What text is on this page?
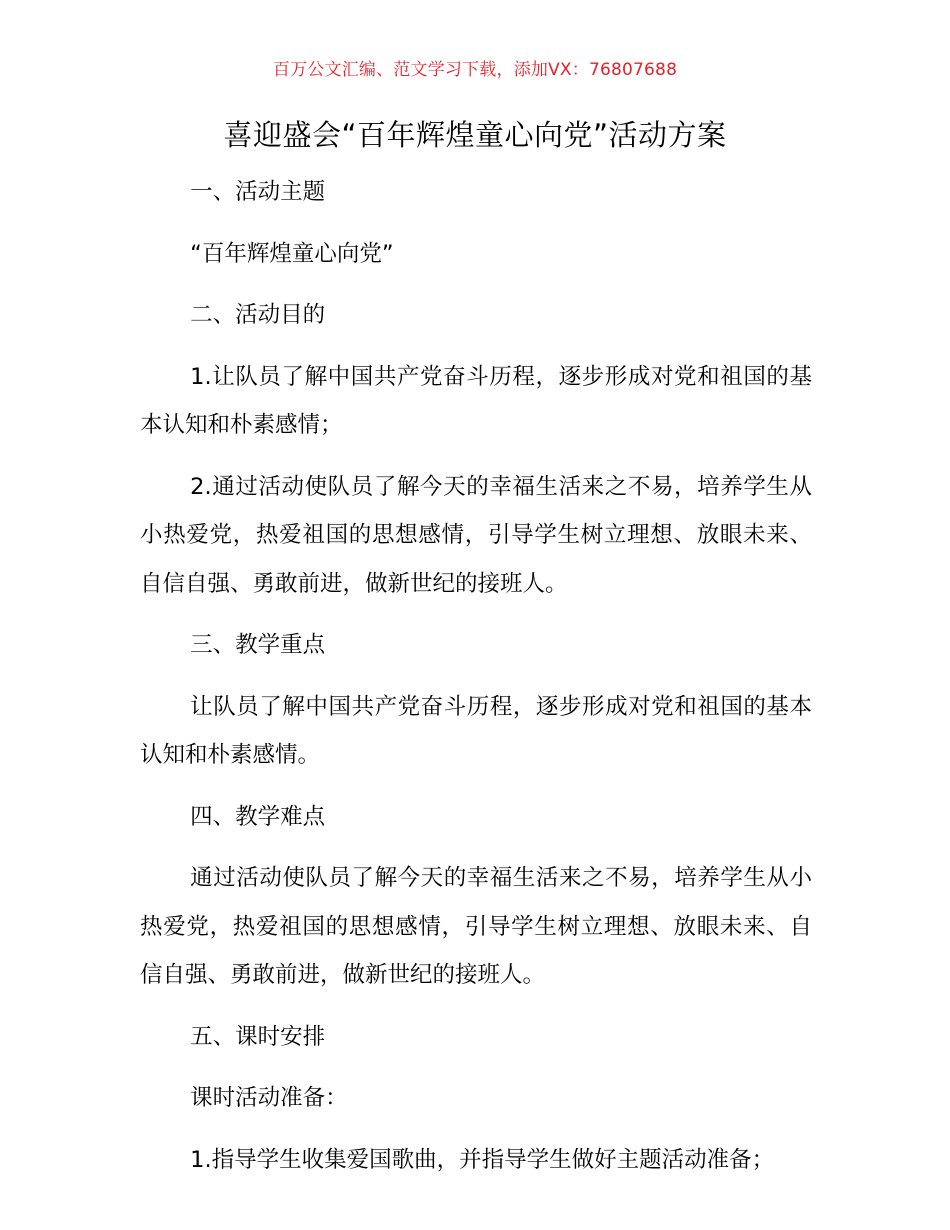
百万公文汇编、范文学习下载，添加VX：76807688
喜迎盛会“百年辉煌童心向党”活动方案

一、活动主题

“百年辉煌童心向党”

二、活动目的

1.让队员了解中国共产党奋斗历程，逐步形成对党和祖国的基本认知和朴素感情；

2.通过活动使队员了解今天的幸福生活来之不易，培养学生从小热爱党，热爱祖国的思想感情，引导学生树立理想、放眼未来、自信自强、勇敢前进，做新世纪的接班人。

三、教学重点

让队员了解中国共产党奋斗历程，逐步形成对党和祖国的基本认知和朴素感情。

四、教学难点

通过活动使队员了解今天的幸福生活来之不易，培养学生从小热爱党，热爱祖国的思想感情，引导学生树立理想、放眼未来、自信自强、勇敢前进，做新世纪的接班人。

五、课时安排

课时活动准备：

1.指导学生收集爱国歌曲，并指导学生做好主题活动准备；
